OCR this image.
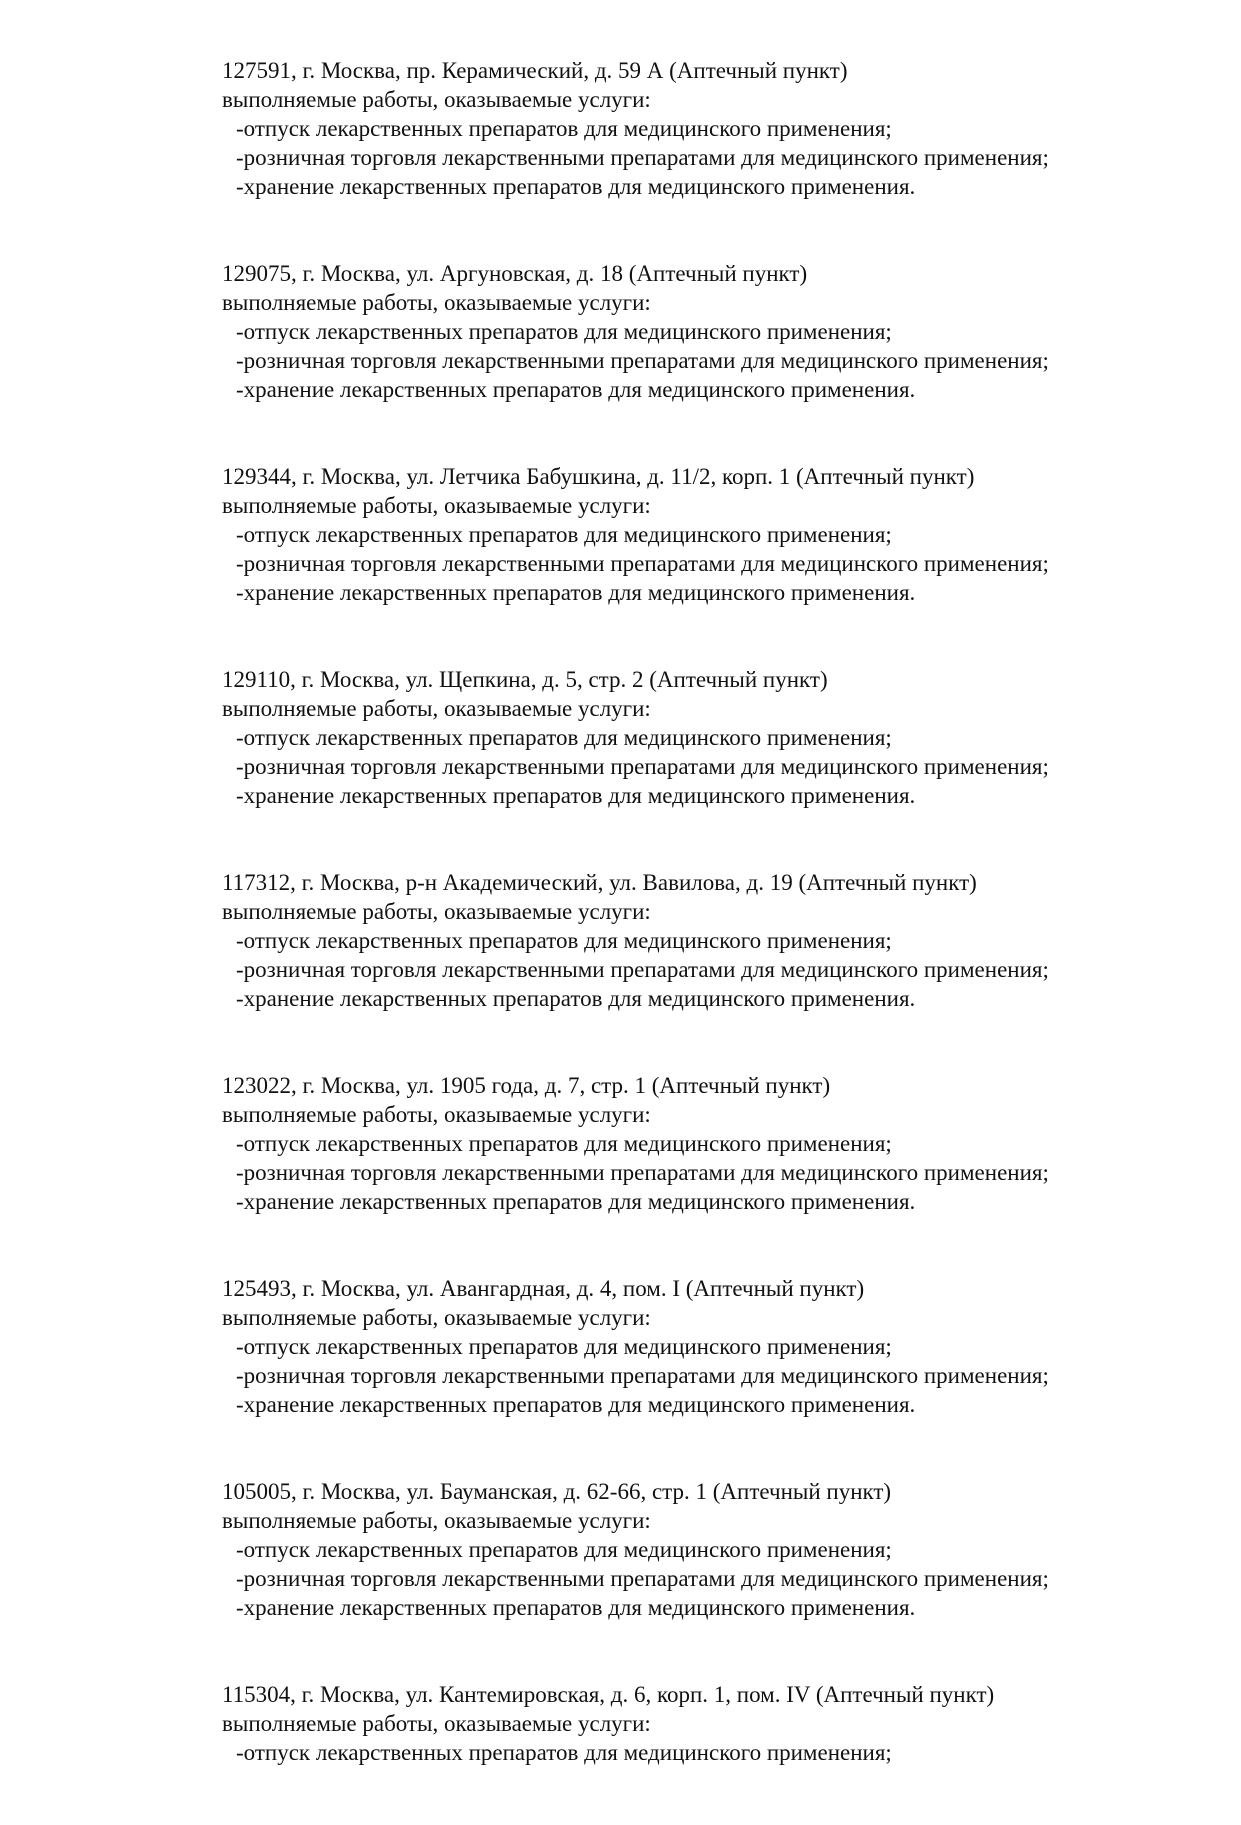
127591, г. Москва, пр. Керамический, д. 59 А (Аптечный пункт)
выполняемые работы, оказываемые услуги:
-отпуск лекарственных препаратов для медицинского применения;
-розничная торговля лекарственными препаратами для медицинского применения;
-хранение лекарственных препаратов для медицинского применения.
129075, г. Москва, ул. Аргуновская, д. 18 (Аптечный пункт)
выполняемые работы, оказываемые услуги:
-отпуск лекарственных препаратов для медицинского применения;
-розничная торговля лекарственными препаратами для медицинского применения;
-хранение лекарственных препаратов для медицинского применения.
129344, г. Москва, ул. Летчика Бабушкина, д. 11/2, корп. 1 (Аптечный пункт)
выполняемые работы, оказываемые услуги:
-отпуск лекарственных препаратов для медицинского применения;
-розничная торговля лекарственными препаратами для медицинского применения;
-хранение лекарственных препаратов для медицинского применения.
129110, г. Москва, ул. Щепкина, д. 5, стр. 2 (Аптечный пункт)
выполняемые работы, оказываемые услуги:
-отпуск лекарственных препаратов для медицинского применения;
-розничная торговля лекарственными препаратами для медицинского применения;
-хранение лекарственных препаратов для медицинского применения.
117312, г. Москва, р-н Академический, ул. Вавилова, д. 19 (Аптечный пункт)
выполняемые работы, оказываемые услуги:
-отпуск лекарственных препаратов для медицинского применения;
-розничная торговля лекарственными препаратами для медицинского применения;
-хранение лекарственных препаратов для медицинского применения.
123022, г. Москва, ул. 1905 года, д. 7, стр. 1 (Аптечный пункт)
выполняемые работы, оказываемые услуги:
-отпуск лекарственных препаратов для медицинского применения;
-розничная торговля лекарственными препаратами для медицинского применения;
-хранение лекарственных препаратов для медицинского применения.
125493, г. Москва, ул. Авангардная, д. 4, пом. I (Аптечный пункт)
выполняемые работы, оказываемые услуги:
-отпуск лекарственных препаратов для медицинского применения;
-розничная торговля лекарственными препаратами для медицинского применения;
-хранение лекарственных препаратов для медицинского применения.
105005, г. Москва, ул. Бауманская, д. 62-66, стр. 1 (Аптечный пункт)
выполняемые работы, оказываемые услуги:
-отпуск лекарственных препаратов для медицинского применения;
-розничная торговля лекарственными препаратами для медицинского применения;
-хранение лекарственных препаратов для медицинского применения.
115304, г. Москва, ул. Кантемировская, д. 6, корп. 1, пом. IV (Аптечный пункт)
выполняемые работы, оказываемые услуги:
-отпуск лекарственных препаратов для медицинского применения;
